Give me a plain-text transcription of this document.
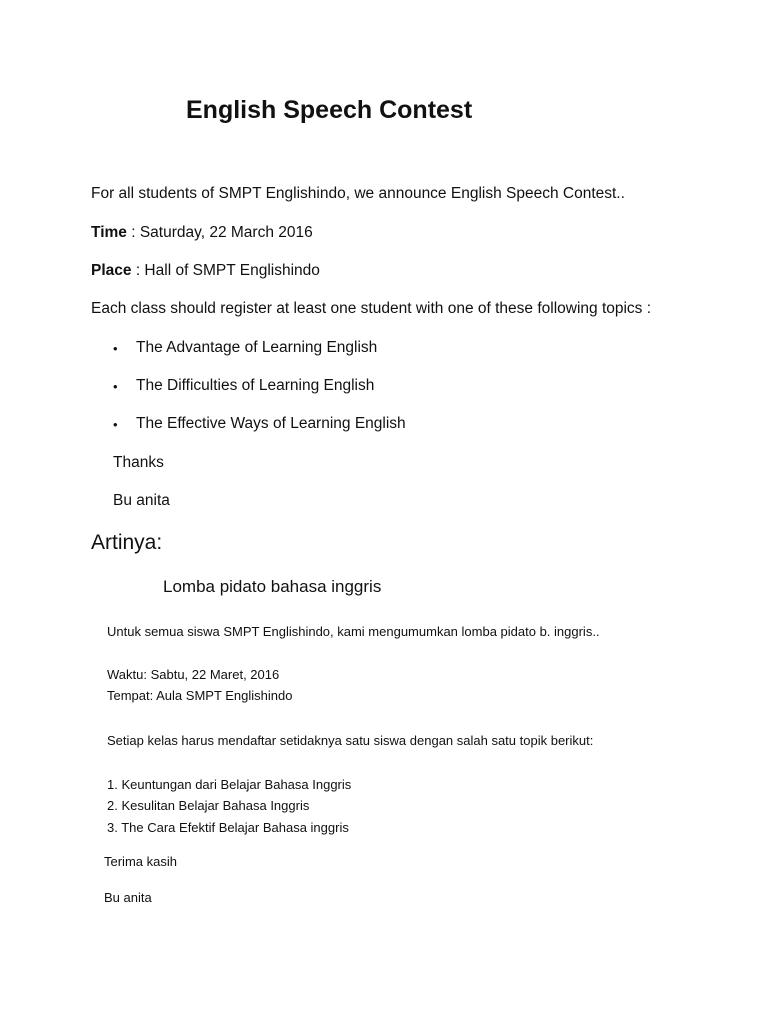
English Speech Contest
For all students of SMPT Englishindo, we announce English Speech Contest..
Time : Saturday, 22 March 2016
Place : Hall of SMPT Englishindo
Each class should register at least one student with one of these following topics :
• The Advantage of Learning English
• The Difficulties of Learning English
• The Effective Ways of Learning English
Thanks
Bu anita
Artinya:
Lomba pidato bahasa inggris
Untuk semua siswa SMPT Englishindo, kami mengumumkan lomba pidato b. inggris..
Waktu: Sabtu, 22 Maret, 2016
Tempat: Aula SMPT Englishindo
Setiap kelas harus mendaftar setidaknya satu siswa dengan salah satu topik berikut:
1. Keuntungan dari Belajar Bahasa Inggris
2. Kesulitan Belajar Bahasa Inggris
3. The Cara Efektif Belajar Bahasa inggris
Terima kasih
Bu anita
